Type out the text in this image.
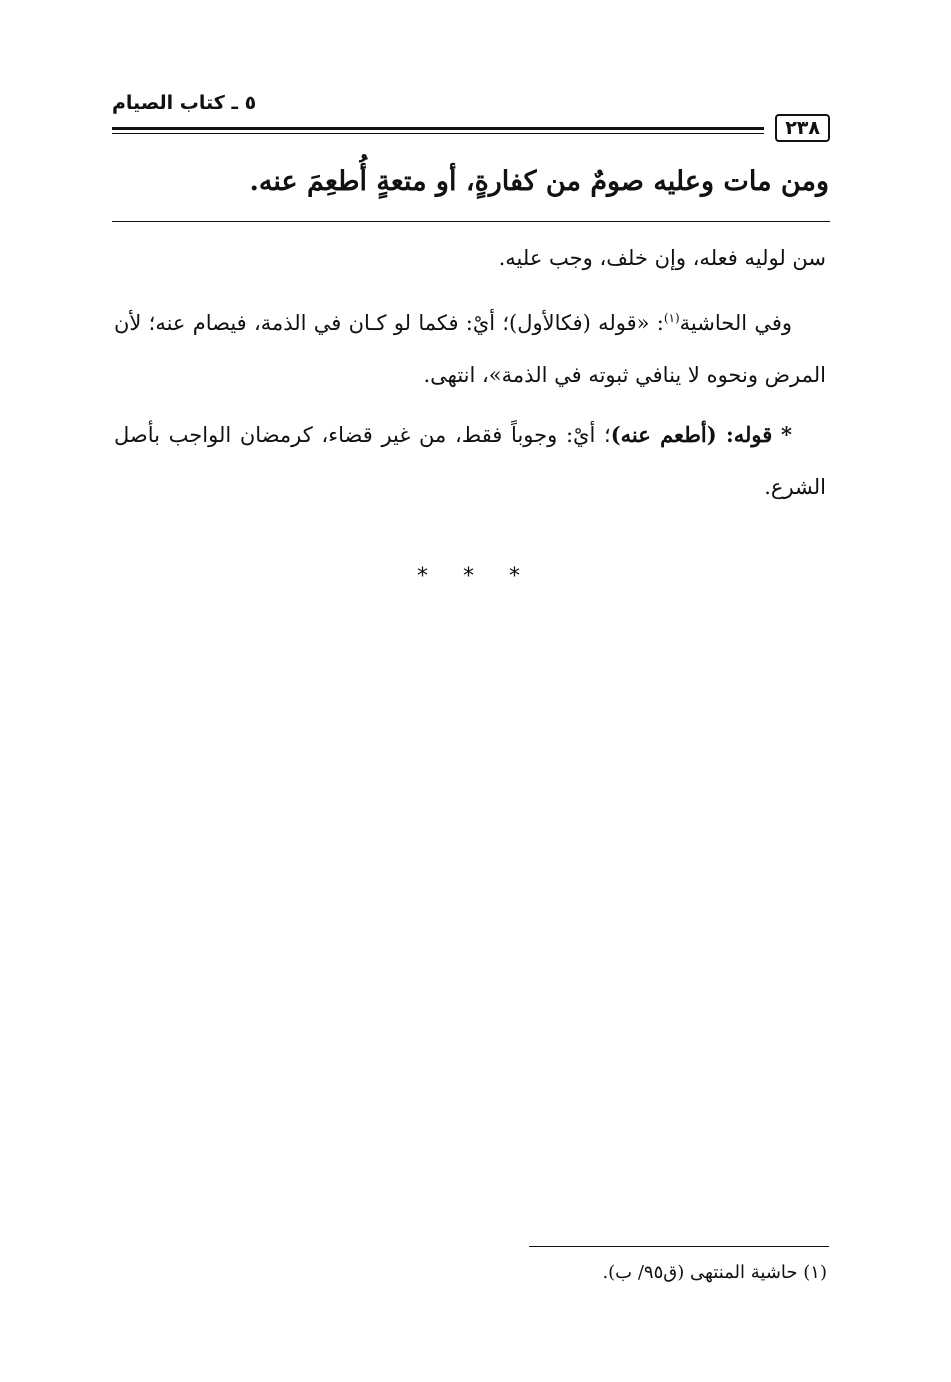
٢٣٨
٥ ـ كتاب الصيام
ومن مات وعليه صومٌ من كفارةٍ، أو متعةٍ أُطعِمَ عنه.

سن لوليه فعله، وإن خلف، وجب عليه.

وفي الحاشية$^{(١)}$: «قوله (فكالأول)؛ أيْ: فكما لو كـان في الذمة، فيصام عنه؛ لأن المرض ونحوه لا ينافي ثبوته في الذمة»، انتهى.

* قوله: (أطعم عنه)؛ أيْ: وجوباً فقط، من غير قضاء، كرمضان الواجب بأصل الشرع.

* * *
(١) حاشية المنتهى (ق٩٥/ ب).
